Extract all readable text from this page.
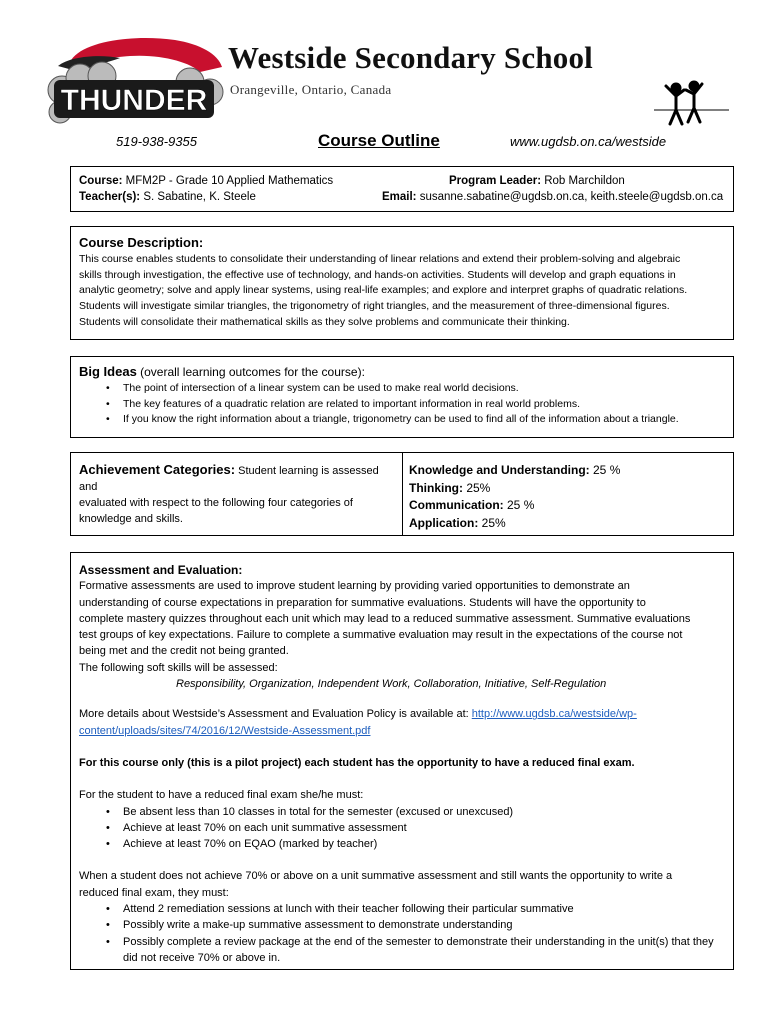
THUNDER
Westside Secondary School
Orangeville, Ontario, Canada
519-938-9355	Course Outline	www.ugdsb.on.ca/westside
Course: MFM2P - Grade 10 Applied Mathematics
Teacher(s): S. Sabatine, K. Steele
Program Leader: Rob Marchildon
Email: susanne.sabatine@ugdsb.on.ca, keith.steele@ugdsb.on.ca
Course Description:
This course enables students to consolidate their understanding of linear relations and extend their problem-solving and algebraic
skills through investigation, the effective use of technology, and hands-on activities. Students will develop and graph equations in
analytic geometry; solve and apply linear systems, using real-life examples; and explore and interpret graphs of quadratic relations.
Students will investigate similar triangles, the trigonometry of right triangles, and the measurement of three-dimensional figures.
Students will consolidate their mathematical skills as they solve problems and communicate their thinking.
Big Ideas (overall learning outcomes for the course):
• The point of intersection of a linear system can be used to make real world decisions.
• The key features of a quadratic relation are related to important information in real world problems.
• If you know the right information about a triangle, trigonometry can be used to find all of the information about a triangle.
Achievement Categories: Student learning is assessed and
evaluated with respect to the following four categories of
knowledge and skills.
Knowledge and Understanding: 25 %
Thinking: 25%
Communication: 25 %
Application: 25%
Assessment and Evaluation:
Formative assessments are used to improve student learning by providing varied opportunities to demonstrate an
understanding of course expectations in preparation for summative evaluations. Students will have the opportunity to
complete mastery quizzes throughout each unit which may lead to a reduced summative assessment. Summative evaluations
test groups of key expectations. Failure to complete a summative evaluation may result in the expectations of the course not
being met and the credit not being granted.
The following soft skills will be assessed:
Responsibility, Organization, Independent Work, Collaboration, Initiative, Self-Regulation
More details about Westside’s Assessment and Evaluation Policy is available at: http://www.ugdsb.ca/westside/wp-
content/uploads/sites/74/2016/12/Westside-Assessment.pdf
For this course only (this is a pilot project) each student has the opportunity to have a reduced final exam.
For the student to have a reduced final exam she/he must:
• Be absent less than 10 classes in total for the semester (excused or unexcused)
• Achieve at least 70% on each unit summative assessment
• Achieve at least 70% on EQAO (marked by teacher)
When a student does not achieve 70% or above on a unit summative assessment and still wants the opportunity to write a
reduced final exam, they must:
• Attend 2 remediation sessions at lunch with their teacher following their particular summative
• Possibly write a make-up summative assessment to demonstrate understanding
• Possibly complete a review package at the end of the semester to demonstrate their understanding in the unit(s) that they did not receive 70% or above in.
